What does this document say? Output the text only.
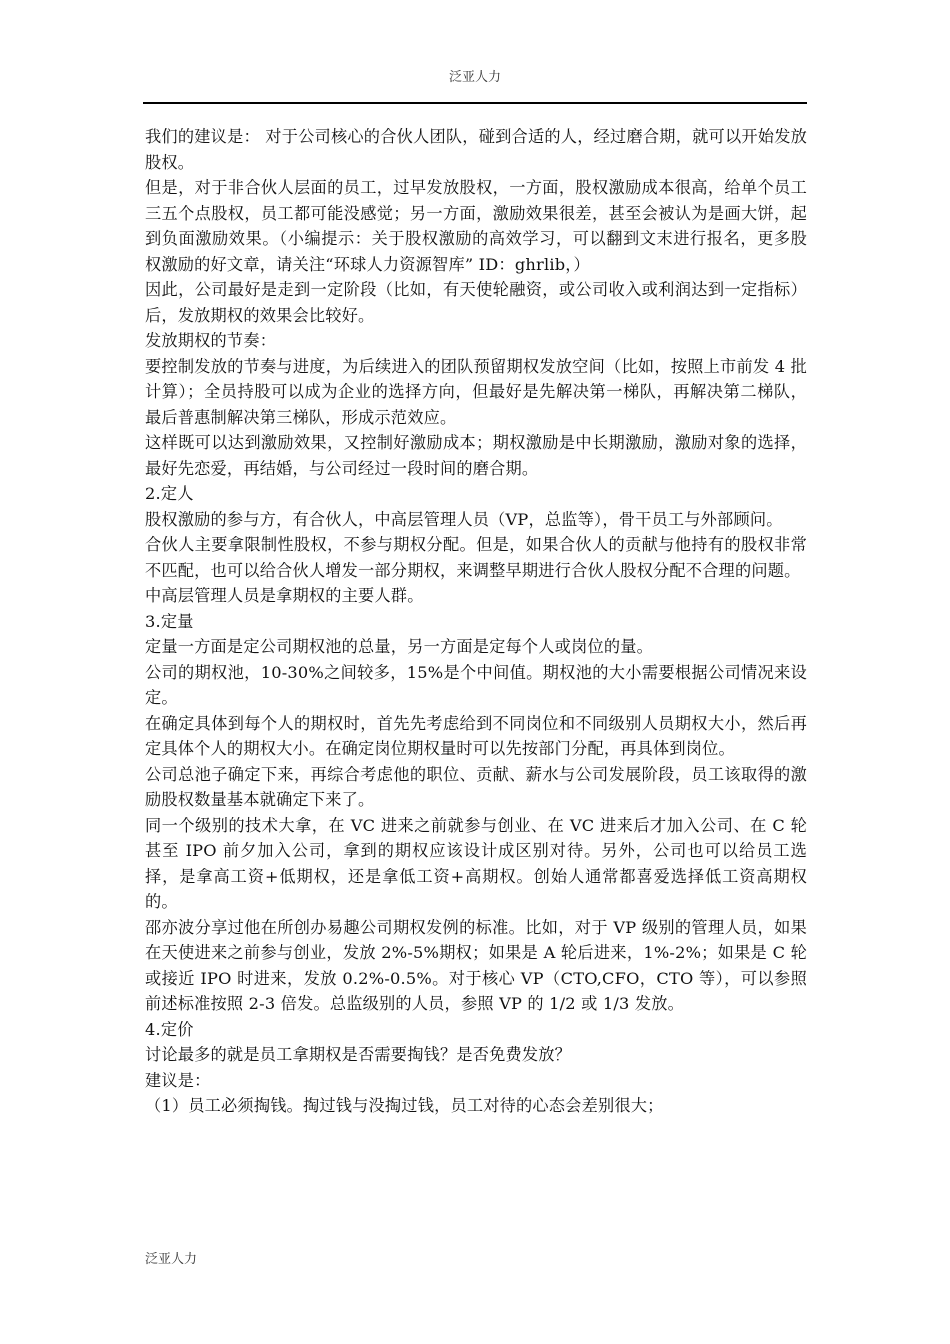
泛亚人力

我们的建议是： 对于公司核心的合伙人团队，碰到合适的人，经过磨合期，就可以开始发放股权。

但是，对于非合伙人层面的员工，过早发放股权，一方面，股权激励成本很高，给单个员工三五个点股权，员工都可能没感觉；另一方面，激励效果很差，甚至会被认为是画大饼，起到负面激励效果。（小编提示：关于股权激励的高效学习，可以翻到文末进行报名，更多股权激励的好文章，请关注“环球人力资源智库” ID：ghrlib，）

因此，公司最好是走到一定阶段（比如，有天使轮融资，或公司收入或利润达到一定指标）后，发放期权的效果会比较好。

发放期权的节奏：

要控制发放的节奏与进度，为后续进入的团队预留期权发放空间（比如，按照上市前发 4 批计算）；全员持股可以成为企业的选择方向，但最好是先解决第一梯队，再解决第二梯队，最后普惠制解决第三梯队，形成示范效应。

这样既可以达到激励效果，又控制好激励成本；期权激励是中长期激励，激励对象的选择，最好先恋爱，再结婚，与公司经过一段时间的磨合期。

2.定人

股权激励的参与方，有合伙人，中高层管理人员（VP，总监等），骨干员工与外部顾问。

合伙人主要拿限制性股权，不参与期权分配。但是，如果合伙人的贡献与他持有的股权非常不匹配，也可以给合伙人增发一部分期权，来调整早期进行合伙人股权分配不合理的问题。

中高层管理人员是拿期权的主要人群。

3.定量

定量一方面是定公司期权池的总量，另一方面是定每个人或岗位的量。

公司的期权池，10-30%之间较多，15%是个中间值。期权池的大小需要根据公司情况来设定。

在确定具体到每个人的期权时，首先先考虑给到不同岗位和不同级别人员期权大小，然后再定具体个人的期权大小。在确定岗位期权量时可以先按部门分配，再具体到岗位。

公司总池子确定下来，再综合考虑他的职位、贡献、薪水与公司发展阶段，员工该取得的激励股权数量基本就确定下来了。

同一个级别的技术大拿，在 VC 进来之前就参与创业、在 VC 进来后才加入公司、在 C 轮甚至 IPO 前夕加入公司，拿到的期权应该设计成区别对待。另外，公司也可以给员工选择，是拿高工资+低期权，还是拿低工资+高期权。创始人通常都喜爱选择低工资高期权的。

邵亦波分享过他在所创办易趣公司期权发例的标准。比如，对于 VP 级别的管理人员，如果在天使进来之前参与创业，发放 2%-5%期权；如果是 A 轮后进来，1%-2%；如果是 C 轮或接近 IPO 时进来，发放 0.2%-0.5%。对于核心 VP（CTO,CFO，CTO 等），可以参照前述标准按照 2-3 倍发。总监级别的人员，参照 VP 的 1/2 或 1/3 发放。

4.定价

讨论最多的就是员工拿期权是否需要掏钱？是否免费发放？

建议是：

（1）员工必须掏钱。掏过钱与没掏过钱，员工对待的心态会差别很大；

泛亚人力
